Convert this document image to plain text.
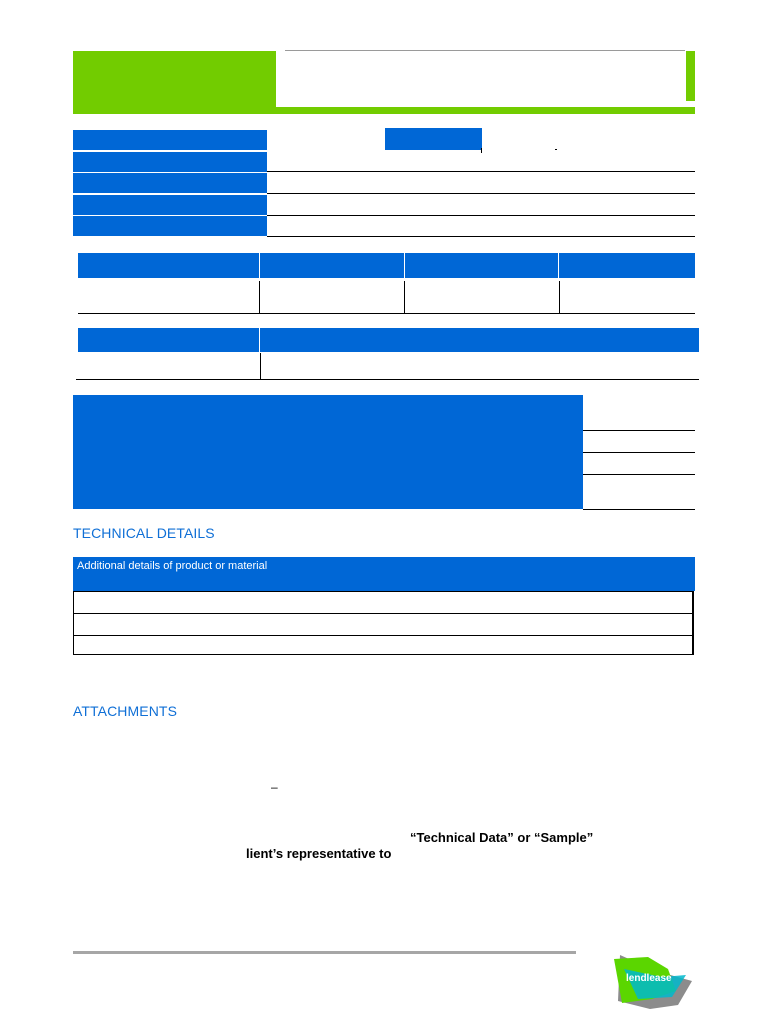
TECHNICAL DETAILS
Additional details of product or material
ATTACHMENTS
–
“Technical Data” or “Sample”
lient’s representative to
lendlease
